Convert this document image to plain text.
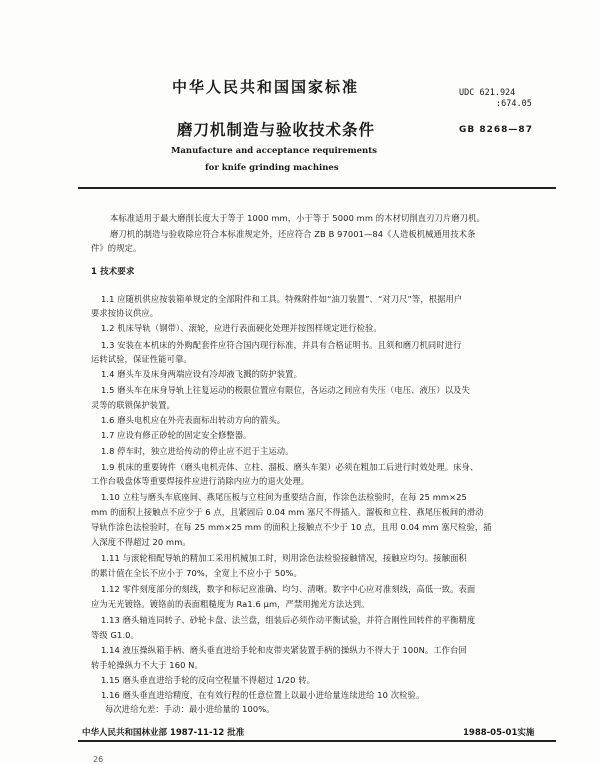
中华人民共和国国家标准	UDC 621.924
:674.05
磨刀机制造与验收技术条件	GB 8268—87
Manufacture and acceptance requirements
for knife grinding machines
本标准适用于最大磨削长度大于等于 1000 mm，小于等于 5000 mm 的木材切削直刃刀片磨刀机。
磨刀机的制造与验收除应符合本标准规定外，还应符合 ZB B 97001—84《人造板机械通用技术条
件》的规定。
1 技术要求
1.1 应随机供应按装箱单规定的全部附件和工具。特殊附件如“油刀装置”、“对刀尺”等，根据用户
要求按协议供应。
1.2 机床导轨（钢带）、滚轮，应进行表面硬化处理并按图样规定进行检验。
1.3 安装在本机床的外购配套件应符合国内现行标准，并具有合格证明书。且须和磨刀机同时进行
运转试验，保证性能可靠。
1.4 磨头车及床身两端应设有冷却液飞溅的防护装置。
1.5 磨头车在床身导轨上往复运动的极限位置应有限位，各运动之间应有失压（电压、液压）以及失
灵等的联锁保护装置。
1.6 磨头电机应在外壳表面标出转动方向的箭头。
1.7 应设有修正砂轮的固定安全修整器。
1.8 停车时，独立进给传动的停止应不迟于主运动。
1.9 机床的重要铸件（磨头电机壳体、立柱、溜板、磨头车架）必须在粗加工后进行时效处理。床身、
工作台吸盘体等重要焊接件应进行消除内应力的退火处理。
1.10 立柱与磨头车底座间、燕尾压板与立柱间为重要结合面，作涂色法检验时，在每 25 mm×25
mm 的面积上接触点不应少于 6 点，且紧固后 0.04 mm 塞尺不得插入。溜板和立柱、燕尾压板间的滑动
导轨作涂色法检验时，在每 25 mm×25 mm 的面积上接触点不少于 10 点，且用 0.04 mm 塞尺检验，插
入深度不得超过 20 mm。
1.11 与滚轮相配导轨的精加工采用机械加工时，则用涂色法检验接触情况，接触应均匀。接触面积
的累计值在全长不应小于 70%，全宽上不应小于 50%。
1.12 零件刻度部分的刻线，数字和标记应准确、均匀、清晰。数字中心应对准刻线，高低一致。表面
应为无光镀铬。镀铬前的表面粗糙度为 Ra1.6 μm，严禁用抛光方法达到。
1.13 磨头轴连同转子、砂轮卡盘、法兰盘，组装后必须作动平衡试验，并符合刚性回转件的平衡精度
等级 G1.0。
1.14 液压操纵箱手柄、磨头垂直进给手轮和皮带夹紧装置手柄的操纵力不得大于 100N。工作台回
转手轮操纵力不大于 160 N。
1.15 磨头垂直进给手轮的反向空程量不得超过 1/20 转。
1.16 磨头垂直进给精度，在有效行程的任意位置上以最小进给量连续进给 10 次检验。
每次进给允差：手动：最小进给量的 100%。
中华人民共和国林业部 1987-11-12 批准	1988-05-01实施
26
